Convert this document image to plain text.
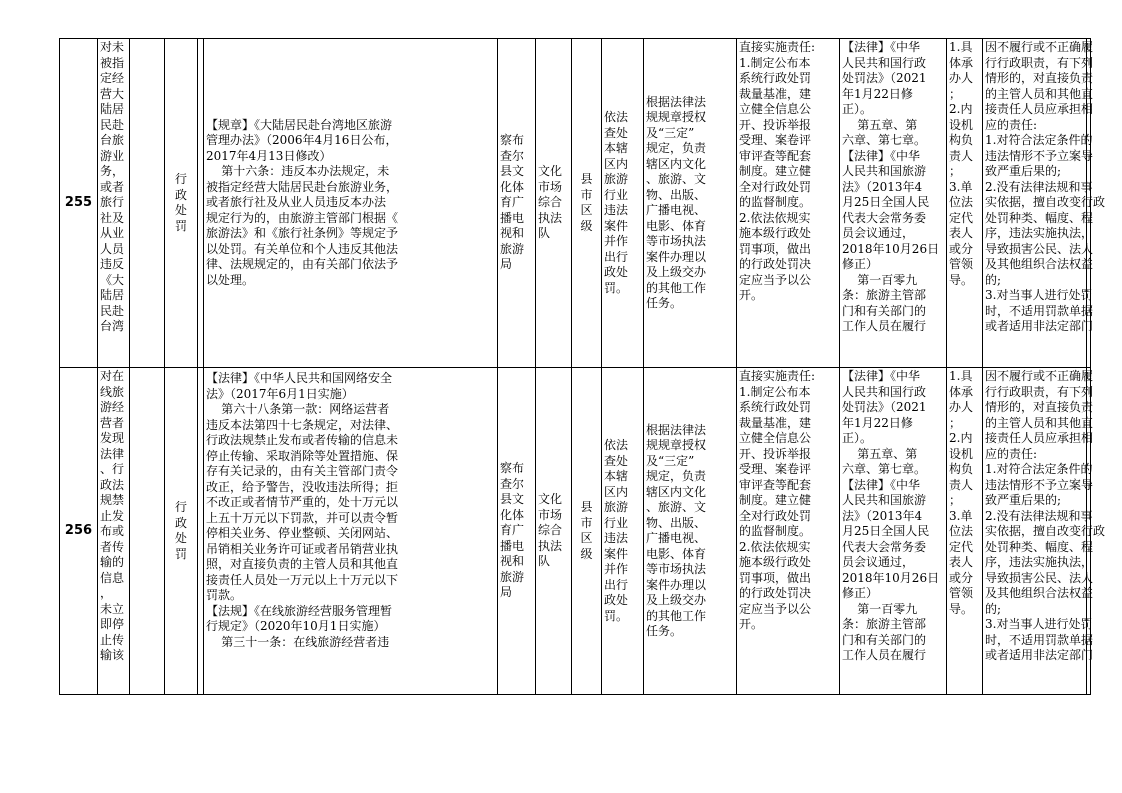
255
对未
被指
定经
营大
陆居
民赴
台旅
游业
务，
或者
旅行
社及
从业
人员
违反
《大
陆居
民赴
台湾
行
政
处
罚
【规章】《大陆居民赴台湾地区旅游
管理办法》（2006年4月16日公布，
2017年4月13日修改）
第十六条：违反本办法规定，未
被指定经营大陆居民赴台旅游业务，
或者旅行社及从业人员违反本办法
规定行为的，由旅游主管部门根据《
旅游法》和《旅行社条例》等规定予
以处罚。有关单位和个人违反其他法
律、法规规定的，由有关部门依法予
以处理。
察布
查尔
县文
化体
育广
播电
视和
旅游
局
文化
市场
综合
执法
队
县
市
区
级
依法
查处
本辖
区内
旅游
行业
违法
案件
并作
出行
政处
罚。
根据法律法
规规章授权
及“三定”
规定，负责
辖区内文化
、旅游、文
物、出版、
广播电视、
电影、体育
等市场执法
案件办理以
及上级交办
的其他工作
任务。
直接实施责任:
1.制定公布本
系统行政处罚
裁量基准，建
立健全信息公
开、投诉举报
受理、案卷评
审评查等配套
制度。建立健
全对行政处罚
的监督制度。
2.依法依规实
施本级行政处
罚事项，做出
的行政处罚决
定应当予以公
开。
【法律】《中华
人民共和国行政
处罚法》（2021
年1月22日修
正）。
第五章、第
六章、第七章。
【法律】《中华
人民共和国旅游
法》（2013年4
月25日全国人民
代表大会常务委
员会议通过，
2018年10月26日
修正）
第一百零九
条：旅游主管部
门和有关部门的
工作人员在履行
1.具
体承
办人
；
2.内
设机
构负
责人
；
3.单
位法
定代
表人
或分
管领
导。
因不履行或不正确履
行行政职责，有下列
情形的，对直接负责
的主管人员和其他直
接责任人员应承担相
应的责任:
1.对符合法定条件的
违法情形不予立案导
致严重后果的;
2.没有法律法规和事
实依据，擅自改变行政
处罚种类、幅度、程
序，违法实施执法，
导致损害公民、法人
及其他组织合法权益
的;
3.对当事人进行处罚
时，不适用罚款单据
或者适用非法定部门
256
对在
线旅
游经
营者
发现
法律
、行
政法
规禁
止发
布或
者传
输的
信息
，
未立
即停
止传
输该
行
政
处
罚
【法律】《中华人民共和国网络安全
法》（2017年6月1日实施）
第六十八条第一款：网络运营者
违反本法第四十七条规定，对法律、
行政法规禁止发布或者传输的信息未
停止传输、采取消除等处置措施、保
存有关记录的，由有关主管部门责令
改正，给予警告，没收违法所得；拒
不改正或者情节严重的，处十万元以
上五十万元以下罚款，并可以责令暂
停相关业务、停业整顿、关闭网站、
吊销相关业务许可证或者吊销营业执
照，对直接负责的主管人员和其他直
接责任人员处一万元以上十万元以下
罚款。
【法规】《在线旅游经营服务管理暂
行规定》（2020年10月1日实施）
第三十一条：在线旅游经营者违
察布
查尔
县文
化体
育广
播电
视和
旅游
局
文化
市场
综合
执法
队
县
市
区
级
依法
查处
本辖
区内
旅游
行业
违法
案件
并作
出行
政处
罚。
根据法律法
规规章授权
及“三定”
规定，负责
辖区内文化
、旅游、文
物、出版、
广播电视、
电影、体育
等市场执法
案件办理以
及上级交办
的其他工作
任务。
直接实施责任:
1.制定公布本
系统行政处罚
裁量基准，建
立健全信息公
开、投诉举报
受理、案卷评
审评查等配套
制度。建立健
全对行政处罚
的监督制度。
2.依法依规实
施本级行政处
罚事项，做出
的行政处罚决
定应当予以公
开。
【法律】《中华
人民共和国行政
处罚法》（2021
年1月22日修
正）。
第五章、第
六章、第七章。
【法律】《中华
人民共和国旅游
法》（2013年4
月25日全国人民
代表大会常务委
员会议通过，
2018年10月26日
修正）
第一百零九
条：旅游主管部
门和有关部门的
工作人员在履行
1.具
体承
办人
；
2.内
设机
构负
责人
；
3.单
位法
定代
表人
或分
管领
导。
因不履行或不正确履
行行政职责，有下列
情形的，对直接负责
的主管人员和其他直
接责任人员应承担相
应的责任:
1.对符合法定条件的
违法情形不予立案导
致严重后果的;
2.没有法律法规和事
实依据，擅自改变行政
处罚种类、幅度、程
序，违法实施执法，
导致损害公民、法人
及其他组织合法权益
的;
3.对当事人进行处罚
时，不适用罚款单据
或者适用非法定部门
